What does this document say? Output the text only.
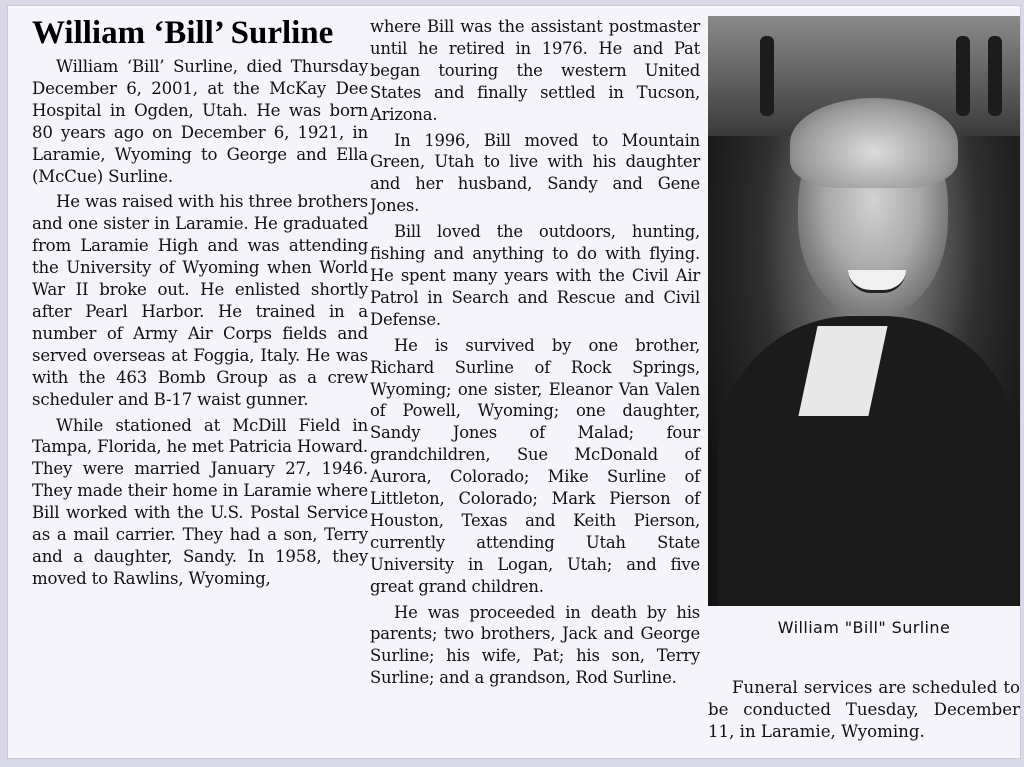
William ‘Bill’ Surline

William ‘Bill’ Surline, died Thursday December 6, 2001, at the McKay Dee Hospital in Ogden, Utah. He was born 80 years ago on December 6, 1921, in Laramie, Wyoming to George and Ella (McCue) Surline.

He was raised with his three brothers and one sister in Laramie. He graduated from Laramie High and was attending the University of Wyoming when World War II broke out. He enlisted shortly after Pearl Harbor. He trained in a number of Army Air Corps fields and served overseas at Foggia, Italy. He was with the 463 Bomb Group as a crew scheduler and B-17 waist gunner.

While stationed at McDill Field in Tampa, Florida, he met Patricia Howard. They were married January 27, 1946. They made their home in Laramie where Bill worked with the U.S. Postal Service as a mail carrier. They had a son, Terry and a daughter, Sandy. In 1958, they moved to Rawlins, Wyoming,

where Bill was the assistant postmaster until he retired in 1976. He and Pat began touring the western United States and finally settled in Tucson, Arizona.

In 1996, Bill moved to Mountain Green, Utah to live with his daughter and her husband, Sandy and Gene Jones.

Bill loved the outdoors, hunting, fishing and anything to do with flying. He spent many years with the Civil Air Patrol in Search and Rescue and Civil Defense.

He is survived by one brother, Richard Surline of Rock Springs, Wyoming; one sister, Eleanor Van Valen of Powell, Wyoming; one daughter, Sandy Jones of Malad; four grandchildren, Sue McDonald of Aurora, Colorado; Mike Surline of Littleton, Colorado; Mark Pierson of Houston, Texas and Keith Pierson, currently attending Utah State University in Logan, Utah; and five great grand children.

He was proceeded in death by his parents; two brothers, Jack and George Surline; his wife, Pat; his son, Terry Surline; and a grandson, Rod Surline.

William "Bill" Surline

Funeral services are scheduled to be conducted Tuesday, December 11, in Laramie, Wyoming.
